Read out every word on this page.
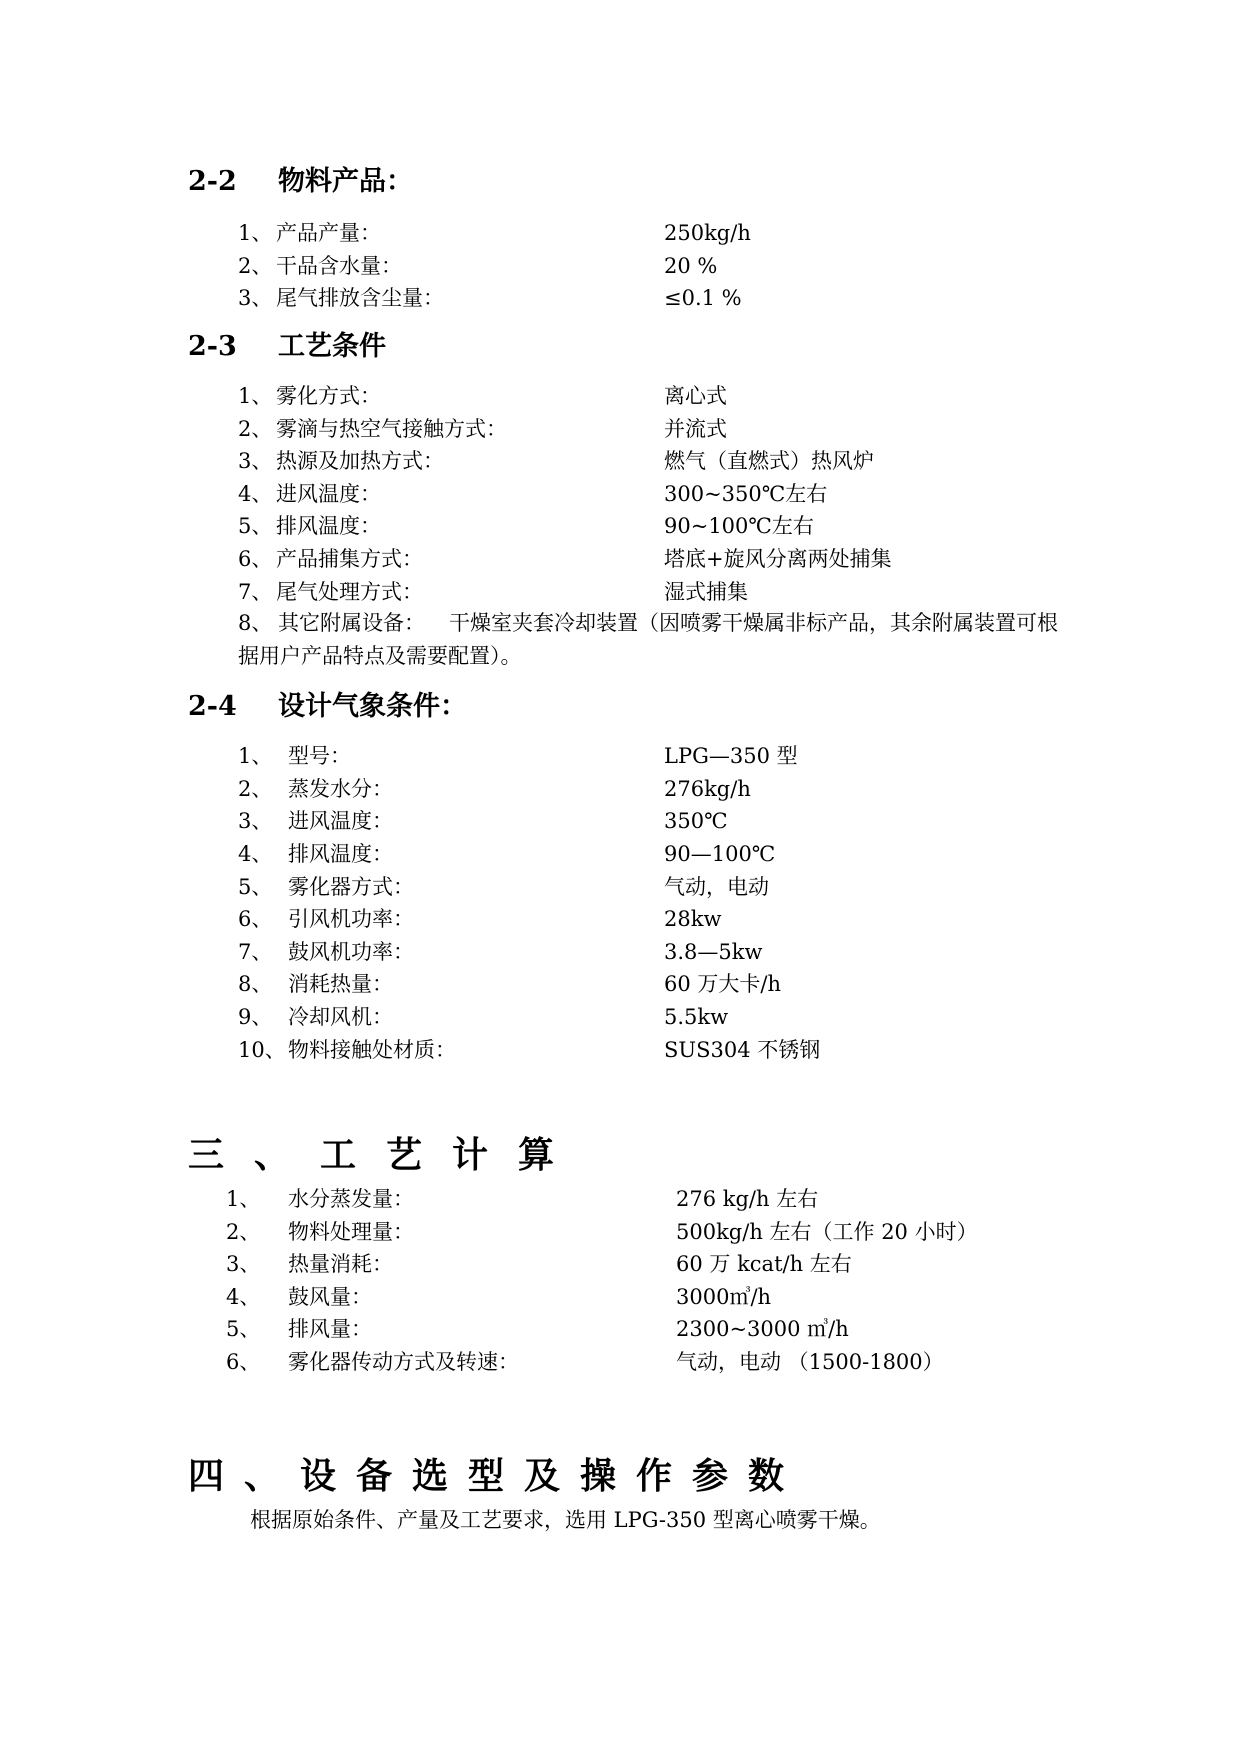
2-2 物料产品：
1、 产品产量：	250kg/h
2、 干品含水量：	20 %
3、 尾气排放含尘量：	≤0.1 %
2-3 工艺条件
1、 雾化方式：	离心式
2、 雾滴与热空气接触方式：	并流式
3、 热源及加热方式：	燃气（直燃式）热风炉
4、 进风温度：	300~350℃左右
5、 排风温度：	90~100℃左右
6、 产品捕集方式：	塔底+旋风分离两处捕集
7、 尾气处理方式：	湿式捕集
8、 其它附属设备： 干燥室夹套冷却装置（因喷雾干燥属非标产品，其余附属装置可根据用户产品特点及需要配置）。
2-4 设计气象条件：
1、 型号：	LPG—350 型
2、 蒸发水分：	276kg/h
3、 进风温度：	350℃
4、 排风温度：	90—100℃
5、 雾化器方式：	气动，电动
6、 引风机功率：	28kw
7、 鼓风机功率：	3.8—5kw
8、 消耗热量：	60 万大卡/h
9、 冷却风机：	5.5kw
10、 物料接触处材质：	SUS304 不锈钢
三、工艺计算
1、 水分蒸发量：	276 kg/h 左右
2、 物料处理量：	500kg/h 左右（工作 20 小时）
3、 热量消耗：	60 万 kcat/h 左右
4、 鼓风量：	3000㎥/h
5、 排风量：	2300~3000 ㎥/h
6、 雾化器传动方式及转速：	气动，电动 （1500-1800）
四、设备选型及操作参数
根据原始条件、产量及工艺要求，选用 LPG-350 型离心喷雾干燥。
